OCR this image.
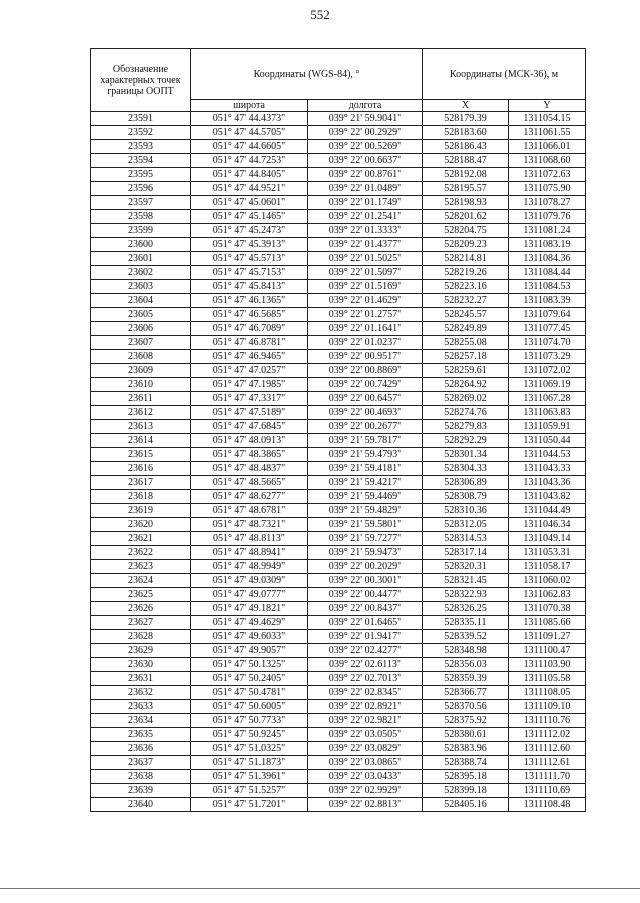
552
Обозначение характерных точек границы ООПТ	Координаты (WGS-84), °		Координаты (МСК-36), м	
	широта	долгота	X	Y
23591	051° 47' 44.4373"	039° 21' 59.9041"	528179.39	1311054.15
23592	051° 47' 44.5705"	039° 22' 00.2929"	528183.60	1311061.55
23593	051° 47' 44.6605"	039° 22' 00.5269"	528186.43	1311066.01
23594	051° 47' 44.7253"	039° 22' 00.6637"	528188.47	1311068.60
23595	051° 47' 44.8405"	039° 22' 00.8761"	528192.08	1311072.63
23596	051° 47' 44.9521"	039° 22' 01.0489"	528195.57	1311075.90
23597	051° 47' 45.0601"	039° 22' 01.1749"	528198.93	1311078.27
23598	051° 47' 45.1465"	039° 22' 01.2541"	528201.62	1311079.76
23599	051° 47' 45.2473"	039° 22' 01.3333"	528204.75	1311081.24
23600	051° 47' 45.3913"	039° 22' 01.4377"	528209.23	1311083.19
23601	051° 47' 45.5713"	039° 22' 01.5025"	528214.81	1311084.36
23602	051° 47' 45.7153"	039° 22' 01.5097"	528219.26	1311084.44
23603	051° 47' 45.8413"	039° 22' 01.5169"	528223.16	1311084.53
23604	051° 47' 46.1365"	039° 22' 01.4629"	528232.27	1311083.39
23605	051° 47' 46.5685"	039° 22' 01.2757"	528245.57	1311079.64
23606	051° 47' 46.7089"	039° 22' 01.1641"	528249.89	1311077.45
23607	051° 47' 46.8781"	039° 22' 01.0237"	528255.08	1311074.70
23608	051° 47' 46.9465"	039° 22' 00.9517"	528257.18	1311073.29
23609	051° 47' 47.0257"	039° 22' 00.8869"	528259.61	1311072.02
23610	051° 47' 47.1985"	039° 22' 00.7429"	528264.92	1311069.19
23611	051° 47' 47.3317"	039° 22' 00.6457"	528269.02	1311067.28
23612	051° 47' 47.5189"	039° 22' 00.4693"	528274.76	1311063.83
23613	051° 47' 47.6845"	039° 22' 00.2677"	528279.83	1311059.91
23614	051° 47' 48.0913"	039° 21' 59.7817"	528292.29	1311050.44
23615	051° 47' 48.3865"	039° 21' 59.4793"	528301.34	1311044.53
23616	051° 47' 48.4837"	039° 21' 59.4181"	528304.33	1311043.33
23617	051° 47' 48.5665"	039° 21' 59.4217"	528306.89	1311043.36
23618	051° 47' 48.6277"	039° 21' 59.4469"	528308.79	1311043.82
23619	051° 47' 48.6781"	039° 21' 59.4829"	528310.36	1311044.49
23620	051° 47' 48.7321"	039° 21' 59.5801"	528312.05	1311046.34
23621	051° 47' 48.8113"	039° 21' 59.7277"	528314.53	1311049.14
23622	051° 47' 48.8941"	039° 21' 59.9473"	528317.14	1311053.31
23623	051° 47' 48.9949"	039° 22' 00.2029"	528320.31	1311058.17
23624	051° 47' 49.0309"	039° 22' 00.3001"	528321.45	1311060.02
23625	051° 47' 49.0777"	039° 22' 00.4477"	528322.93	1311062.83
23626	051° 47' 49.1821"	039° 22' 00.8437"	528326.25	1311070.38
23627	051° 47' 49.4629"	039° 22' 01.6465"	528335.11	1311085.66
23628	051° 47' 49.6033"	039° 22' 01.9417"	528339.52	1311091.27
23629	051° 47' 49.9057"	039° 22' 02.4277"	528348.98	1311100.47
23630	051° 47' 50.1325"	039° 22' 02.6113"	528356.03	1311103.90
23631	051° 47' 50.2405"	039° 22' 02.7013"	528359.39	1311105.58
23632	051° 47' 50.4781"	039° 22' 02.8345"	528366.77	1311108.05
23633	051° 47' 50.6005"	039° 22' 02.8921"	528370.56	1311109.10
23634	051° 47' 50.7733"	039° 22' 02.9821"	528375.92	1311110.76
23635	051° 47' 50.9245"	039° 22' 03.0505"	528380.61	1311112.02
23636	051° 47' 51.0325"	039° 22' 03.0829"	528383.96	1311112.60
23637	051° 47' 51.1873"	039° 22' 03.0865"	528388.74	1311112.61
23638	051° 47' 51.3961"	039° 22' 03.0433"	528395.18	1311111.70
23639	051° 47' 51.5257"	039° 22' 02.9929"	528399.18	1311110.69
23640	051° 47' 51.7201"	039° 22' 02.8813"	528405.16	1311108.48
